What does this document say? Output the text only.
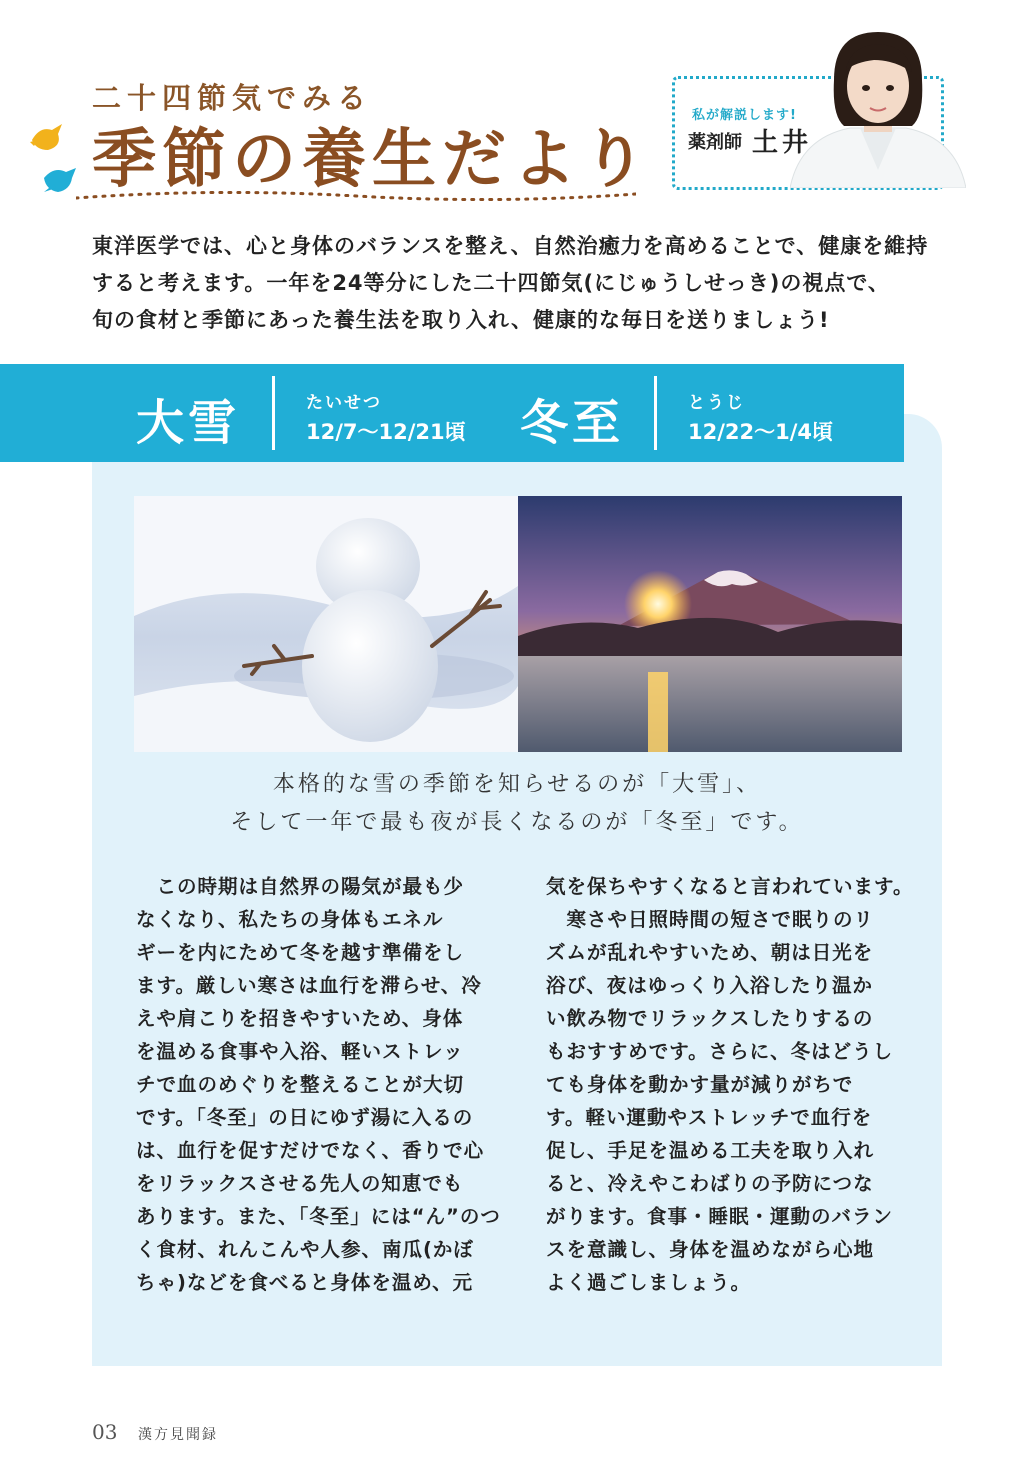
二十四節気でみる
季節の養生だより
私が解説します!
薬剤師 土井
東洋医学では、心と身体のバランスを整え、自然治癒力を高めることで、健康を維持
すると考えます。一年を24等分にした二十四節気(にじゅうしせっき)の視点で、
旬の食材と季節にあった養生法を取り入れ、健康的な毎日を送りましょう!
大雪	たいせつ
12/7〜12/21頃 冬至	とうじ
12/22〜1/4頃
本格的な雪の季節を知らせるのが「大雪」、
そして一年で最も夜が長くなるのが「冬至」です。
　この時期は自然界の陽気が最も少
なくなり、私たちの身体もエネル
ギーを内にためて冬を越す準備をし
ます。厳しい寒さは血行を滞らせ、冷
えや肩こりを招きやすいため、身体
を温める食事や入浴、軽いストレッ
チで血のめぐりを整えることが大切
です。「冬至」の日にゆず湯に入るの
は、血行を促すだけでなく、香りで心
をリラックスさせる先人の知恵でも
あります。また、「冬至」には“ん”のつ
く食材、れんこんや人参、南瓜(かぼ
ちゃ)などを食べると身体を温め、元
気を保ちやすくなると言われています。
　寒さや日照時間の短さで眠りのリ
ズムが乱れやすいため、朝は日光を
浴び、夜はゆっくり入浴したり温か
い飲み物でリラックスしたりするの
もおすすめです。さらに、冬はどうし
ても身体を動かす量が減りがちで
す。軽い運動やストレッチで血行を
促し、手足を温める工夫を取り入れ
ると、冷えやこわばりの予防につな
がります。食事・睡眠・運動のバラン
スを意識し、身体を温めながら心地
よく過ごしましょう。
03 漢方見聞録
